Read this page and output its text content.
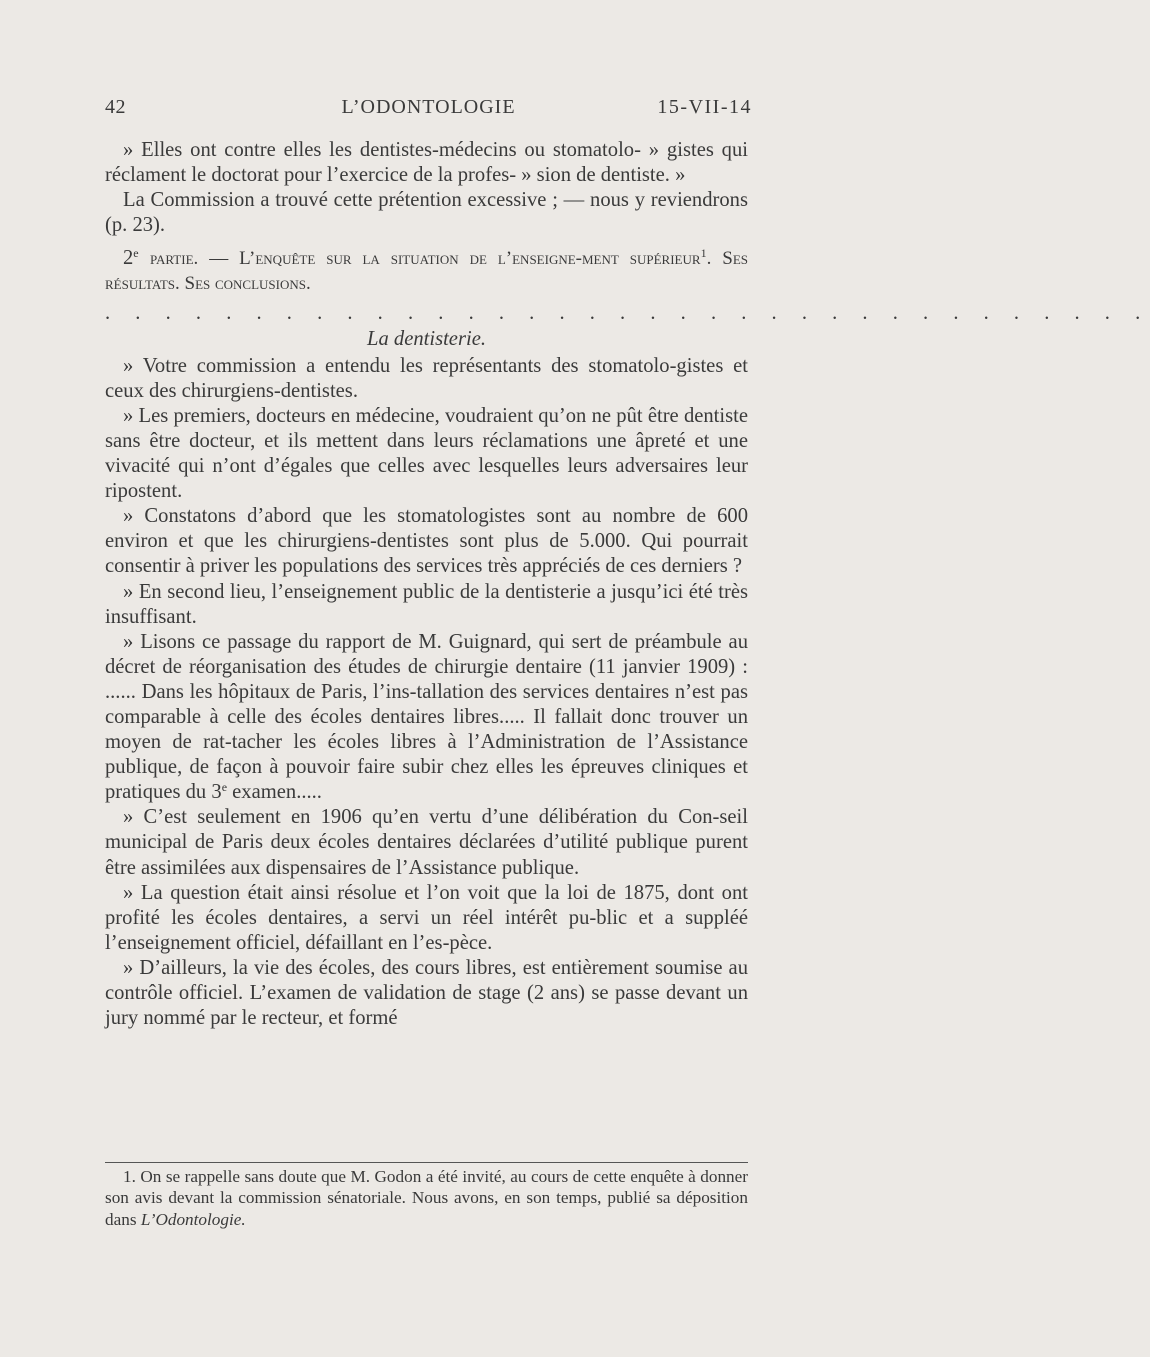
42	L’ODONTOLOGIE	15-VII-14

» Elles ont contre elles les dentistes-médecins ou stomatolo- » gistes qui réclament le doctorat pour l’exercice de la profes- » sion de dentiste. »

La Commission a trouvé cette prétention excessive ; — nous y reviendrons (p. 23).

2e partie. — L’enquête sur la situation de l’enseigne-ment supérieur$^1$. Ses résultats. Ses conclusions.

. . . . . . . . . . . . . . . . . . . . . . . . . . . . . . . . . . .

La dentisterie.

» Votre commission a entendu les représentants des stomatolo-gistes et ceux des chirurgiens-dentistes.

» Les premiers, docteurs en médecine, voudraient qu’on ne pût être dentiste sans être docteur, et ils mettent dans leurs réclamations une âpreté et une vivacité qui n’ont d’égales que celles avec lesquelles leurs adversaires leur ripostent.

» Constatons d’abord que les stomatologistes sont au nombre de 600 environ et que les chirurgiens-dentistes sont plus de 5.000. Qui pourrait consentir à priver les populations des services très appréciés de ces derniers ?

» En second lieu, l’enseignement public de la dentisterie a jusqu’ici été très insuffisant.

» Lisons ce passage du rapport de M. Guignard, qui sert de préambule au décret de réorganisation des études de chirurgie dentaire (11 janvier 1909) : ...... Dans les hôpitaux de Paris, l’ins-tallation des services dentaires n’est pas comparable à celle des écoles dentaires libres..... Il fallait donc trouver un moyen de rat-tacher les écoles libres à l’Administration de l’Assistance publique, de façon à pouvoir faire subir chez elles les épreuves cliniques et pratiques du 3e examen.....

» C’est seulement en 1906 qu’en vertu d’une délibération du Con-seil municipal de Paris deux écoles dentaires déclarées d’utilité publique purent être assimilées aux dispensaires de l’Assistance publique.

» La question était ainsi résolue et l’on voit que la loi de 1875, dont ont profité les écoles dentaires, a servi un réel intérêt pu-blic et a suppléé l’enseignement officiel, défaillant en l’es-pèce.

» D’ailleurs, la vie des écoles, des cours libres, est entièrement soumise au contrôle officiel. L’examen de validation de stage (2 ans) se passe devant un jury nommé par le recteur, et formé

1. On se rappelle sans doute que M. Godon a été invité, au cours de cette enquête à donner son avis devant la commission sénatoriale. Nous avons, en son temps, publié sa déposition dans L’Odontologie.
